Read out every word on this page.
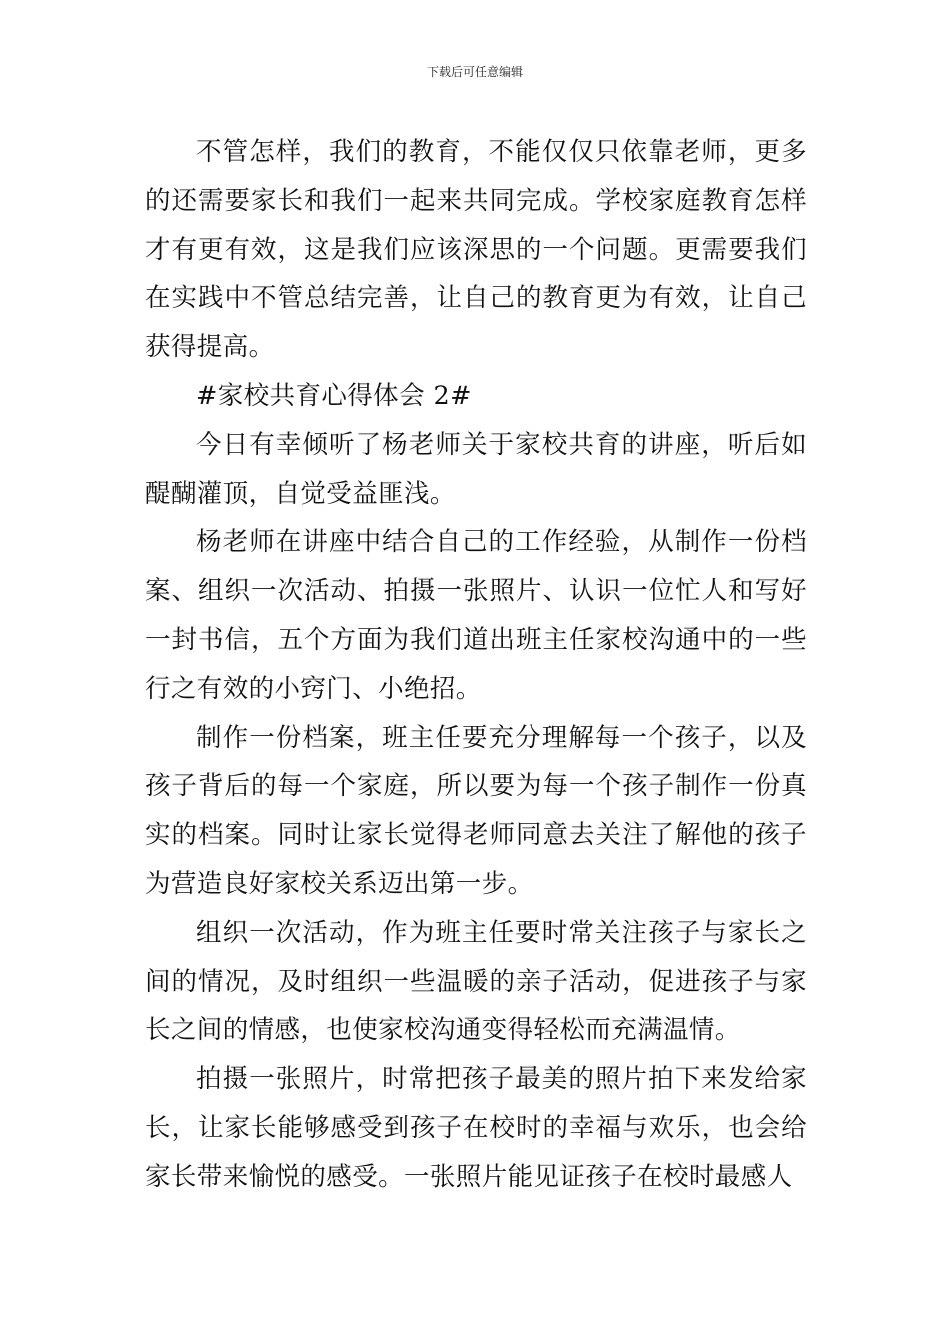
下载后可任意编辑

不管怎样，我们的教育，不能仅仅只依靠老师，更多的还需要家长和我们一起来共同完成。学校家庭教育怎样才有更有效，这是我们应该深思的一个问题。更需要我们在实践中不管总结完善，让自己的教育更为有效，让自己获得提高。

#家校共育心得体会 2#

今日有幸倾听了杨老师关于家校共育的讲座，听后如醍醐灌顶，自觉受益匪浅。

杨老师在讲座中结合自己的工作经验，从制作一份档案、组织一次活动、拍摄一张照片、认识一位忙人和写好一封书信，五个方面为我们道出班主任家校沟通中的一些行之有效的小窍门、小绝招。

制作一份档案，班主任要充分理解每一个孩子，以及孩子背后的每一个家庭，所以要为每一个孩子制作一份真实的档案。同时让家长觉得老师同意去关注了解他的孩子为营造良好家校关系迈出第一步。

组织一次活动，作为班主任要时常关注孩子与家长之间的情况，及时组织一些温暖的亲子活动，促进孩子与家长之间的情感，也使家校沟通变得轻松而充满温情。

拍摄一张照片，时常把孩子最美的照片拍下来发给家长，让家长能够感受到孩子在校时的幸福与欢乐，也会给家长带来愉悦的感受。一张照片能见证孩子在校时最感人
